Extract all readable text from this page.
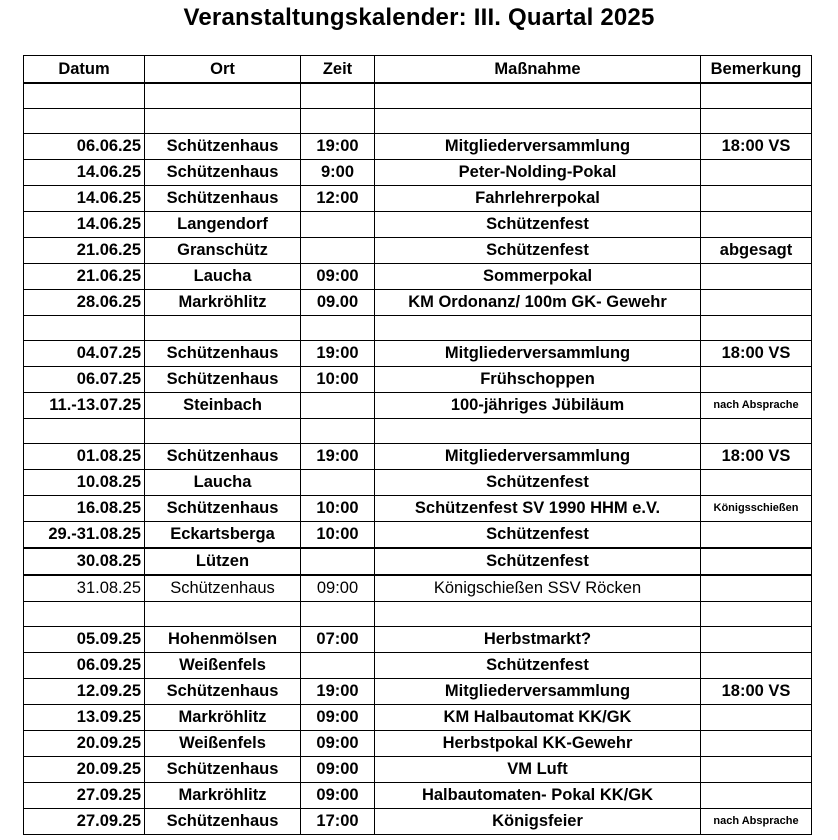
Veranstaltungskalender: III. Quartal 2025
Datum	Ort	Zeit	Maßnahme	Bemerkung

06.06.25	Schützenhaus	19:00	Mitgliederversammlung	18:00 VS
14.06.25	Schützenhaus	9:00	Peter-Nolding-Pokal	
14.06.25	Schützenhaus	12:00	Fahrlehrerpokal	
14.06.25	Langendorf		Schützenfest	
21.06.25	Granschütz		Schützenfest	abgesagt
21.06.25	Laucha	09:00	Sommerpokal	
28.06.25	Markröhlitz	09.00	KM Ordonanz/ 100m GK- Gewehr	

04.07.25	Schützenhaus	19:00	Mitgliederversammlung	18:00 VS
06.07.25	Schützenhaus	10:00	Frühschoppen	
11.-13.07.25	Steinbach		100-jähriges Jübiläum	nach Absprache

01.08.25	Schützenhaus	19:00	Mitgliederversammlung	18:00 VS
10.08.25	Laucha		Schützenfest	
16.08.25	Schützenhaus	10:00	Schützenfest SV 1990 HHM e.V.	Königsschießen
29.-31.08.25	Eckartsberga	10:00	Schützenfest	
30.08.25	Lützen		Schützenfest	
31.08.25	Schützenhaus	09:00	Königschießen SSV Röcken	

05.09.25	Hohenmölsen	07:00	Herbstmarkt?	
06.09.25	Weißenfels		Schützenfest	
12.09.25	Schützenhaus	19:00	Mitgliederversammlung	18:00 VS
13.09.25	Markröhlitz	09:00	KM Halbautomat KK/GK	
20.09.25	Weißenfels	09:00	Herbstpokal KK-Gewehr	
20.09.25	Schützenhaus	09:00	VM Luft	
27.09.25	Markröhlitz	09:00	Halbautomaten- Pokal KK/GK	
27.09.25	Schützenhaus	17:00	Königsfeier	nach Absprache
